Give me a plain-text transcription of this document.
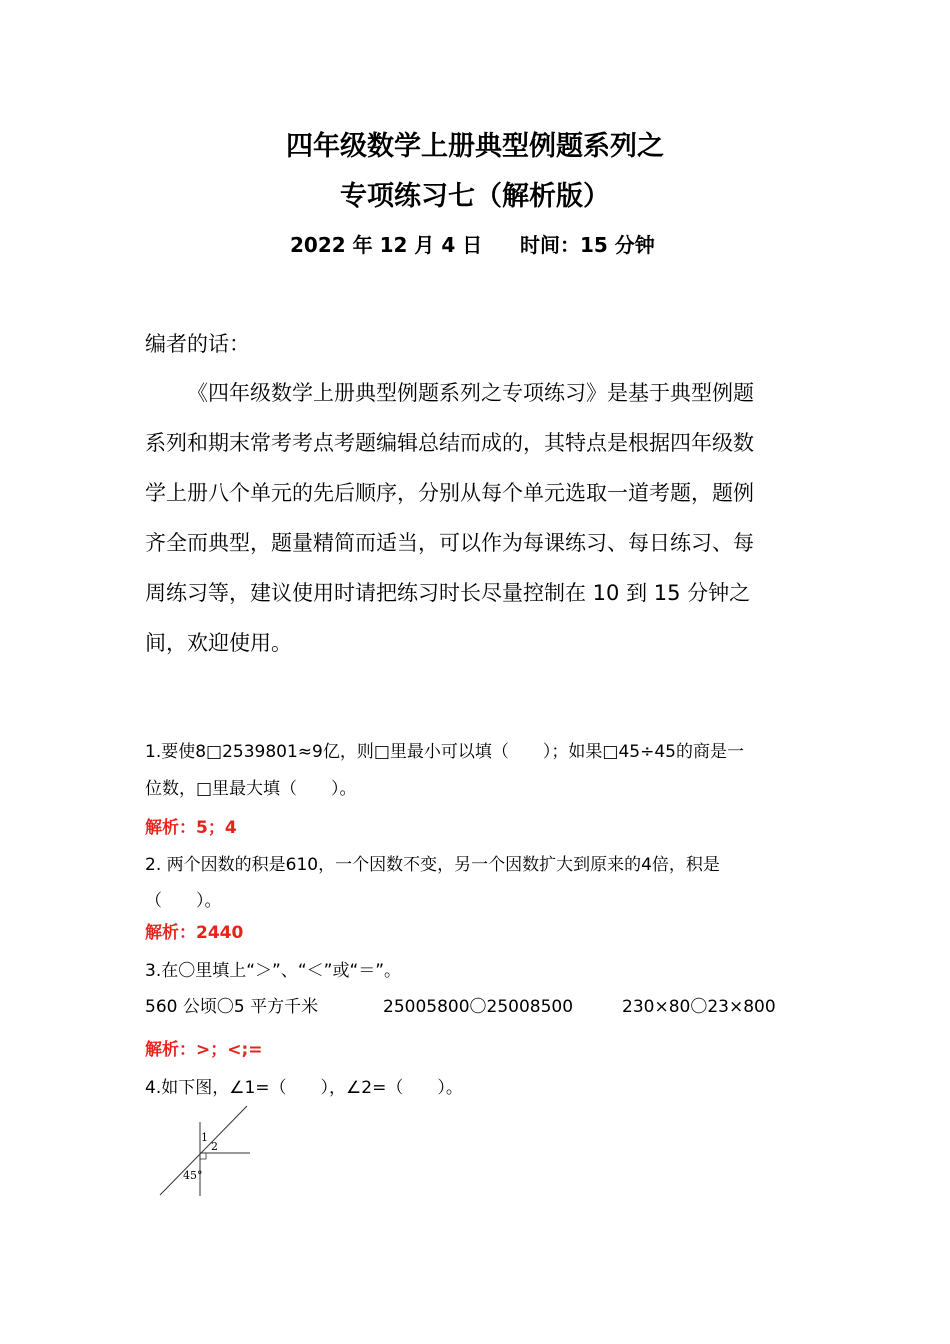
四年级数学上册典型例题系列之
专项练习七（解析版）
2022 年 12 月 4 日 时间：15 分钟
编者的话：
《四年级数学上册典型例题系列之专项练习》是基于典型例题
系列和期末常考考点考题编辑总结而成的，其特点是根据四年级数
学上册八个单元的先后顺序，分别从每个单元选取一道考题，题例
齐全而典型，题量精简而适当，可以作为每课练习、每日练习、每
周练习等，建议使用时请把练习时长尽量控制在 10 到 15 分钟之
间，欢迎使用。
1.要使8□2539801≈9亿，则□里最小可以填（　　）；如果□45÷45的商是一
位数，□里最大填（　　）。
解析：5；4
2. 两个因数的积是610，一个因数不变，另一个因数扩大到原来的4倍，积是
（　　）。
解析：2440
3.在〇里填上“＞”、“＜”或“＝”。
560 公顷〇5 平方千米	25005800〇25008500	230×80〇23×800
解析：>；<;=
4.如下图，∠1=（　　），∠2=（　　）。
1
2
45°
